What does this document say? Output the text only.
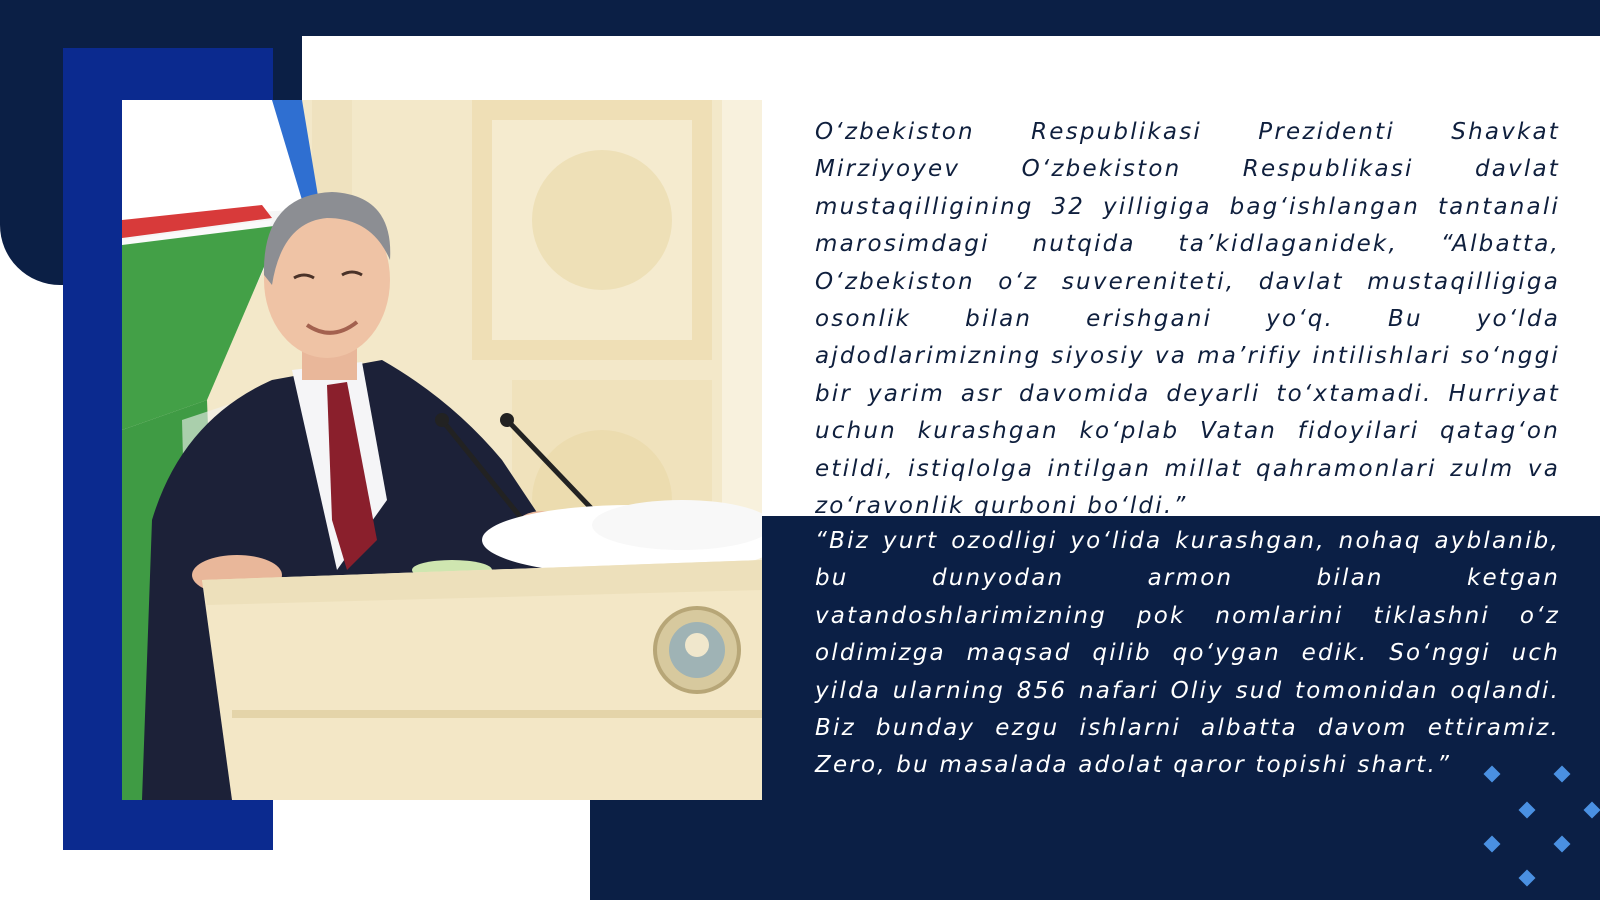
O‘zbekiston Respublikasi Prezidenti Shavkat Mirziyoyev O‘zbekiston Respublikasi davlat mustaqilligining 32 yilligiga bag‘ishlangan tantanali marosimdagi nutqida ta’kidlaganidek, “Albatta, O‘zbekiston o‘z suvereniteti, davlat mustaqilligiga osonlik bilan erishgani yo‘q. Bu yo‘lda ajdodlarimizning siyosiy va ma’rifiy intilishlari so‘nggi bir yarim asr davomida deyarli to‘xtamadi. Hurriyat uchun kurashgan ko‘plab Vatan fidoyilari qatag‘on etildi, istiqlolga intilgan millat qahramonlari zulm va zo‘ravonlik qurboni bo‘ldi.”

“Biz yurt ozodligi yo‘lida kurashgan, nohaq ayblanib, bu dunyodan armon bilan ketgan vatandoshlarimizning pok nomlarini tiklashni o‘z oldimizga maqsad qilib qo‘ygan edik. So‘nggi uch yilda ularning 856 nafari Oliy sud tomonidan oqlandi. Biz bunday ezgu ishlarni albatta davom ettiramiz. Zero, bu masalada adolat qaror topishi shart.”
